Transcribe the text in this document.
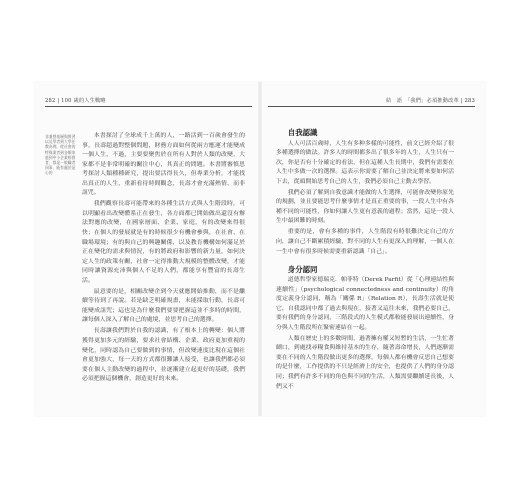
282 | 100 歲的人生戰略
非兼營基層與實習以及學者到大學任教為例，從社會的特殊業者到各類家庭到中小企業經營者，都是一般職者同事、能有處於是心的

本書探討了全球成千上萬的人，一路活到一百歲會發生的事，長壽超過對整個問題，財務方面如何從兩方應運才能變成一個人生，不過，主要要聚焦於在所有人對於人類的改變，大家都不是非常明確的關注中心，其真正的問題。本書將審慎思考探討人類種種研究，提出要活得長久，但專業分析，才能找出真正的人生，重新看待時間觀念，長壽才會充滿熱情、而非詛咒。

我們觀察長壽可能帶來的各種生活方式與人生階段時，可以明顯看出改變體系正在發生，各方面都已開始做出還沒有辦法對應的改變，在國家層面、企業、家庭，有的改變來得很快；在個人的發展就是有的時候很少有機會參與，在社會、在職場環境；有的與自己的興趣關係，以及教育機構如何滿足於正在變化的需求與情況，有的將政府和影響的新力量，如何決定人生的政策有關，社會一定得推動大規模的整體改變，才能同時讓資源充沛與個人不足的人們，都能享有豐富的長壽生活。

鼠意要的是，相關改變企到今天就應開始推動，而不是繼續等待到了再說。若是缺乏明確規畫，未能採取行動，長壽可能變成詛咒；這也是為什麼我們要要把握這並不多時的時間，讓每個人深入了解自己的處境，並思考自己的選擇。

長壽讓我們對於自我的認識，有了根本上的轉變：個人將獲得更加多元的經驗，要求社會結構、企業、政府更加重視的變化，同時認為自己要做到的事情，但改變速度比現在這個社會更加強大，每一天的方式都很難讓人接受，也讓我們都必須要在個人主動改變的過程中，並逐漸建立起更好的基礎，我們必須把握這個機會，創造更好的未來。

結　語　「我們」必須推動改革 | 283

自我認識

人人可活百歲時，人生有多种多樣的可能性，前文已經介紹了很多種選擇的做法。許多人的時間都多出了很多年的人生，人生只有一次，你是否有十分確定的看法，但在這種人生長期中，我們有需要在人生中多做一次的選擇。這表示你需要了解自己並決定將來要如何活下去，從頭開始思考自己的人生，我們必須自己主動去學習。

我們必須了解到自我意識才能做的人生選擇，可能會改變你原先的規劃，並且要能思考什麼事情才是真正重要的事，一段人生中有各種不同的可能性，你如何讓人生更有意義的過程；當然，這是一段人生中最困難的時刻。

重要的是，會有多種的事件，人生階段有時很難決定自己的方向，讓自己不斷累積經驗，對不同的人生有更深入的理解，一個人在一生中會有很多時候需要重新認識「自己」。

身分認同

道德哲學家德瑞克．帕菲特（Derek Parfit）從「心理連結性與連續性」（psychological connectedness and continuity）的角度定義身分認同，稱為「關係 R」（Relation R），長壽生活就是使它，自我認同中都了過去與現在，接著又這往未來，我們必要自己，要有我們的身分認同，三階段式的人生模式都較能發展出連續性，身分與人生階段所在緊密連結在一起。

人類在歷史上的多數時間，過著擁有權又短暫的生活，一生忙著餬口，到處找尋糧食與維持基本的生存，隨著壽命增長，人們逐漸需要在不同的人生階段做出更多的選擇，每個人都有機會反思自己想要的是什麼，工作提供的不只是經濟上的安全，也提供了人們的身分認同；我們有許多不同的角色與不同的生活，人類需要繼續延長後，人們又不
